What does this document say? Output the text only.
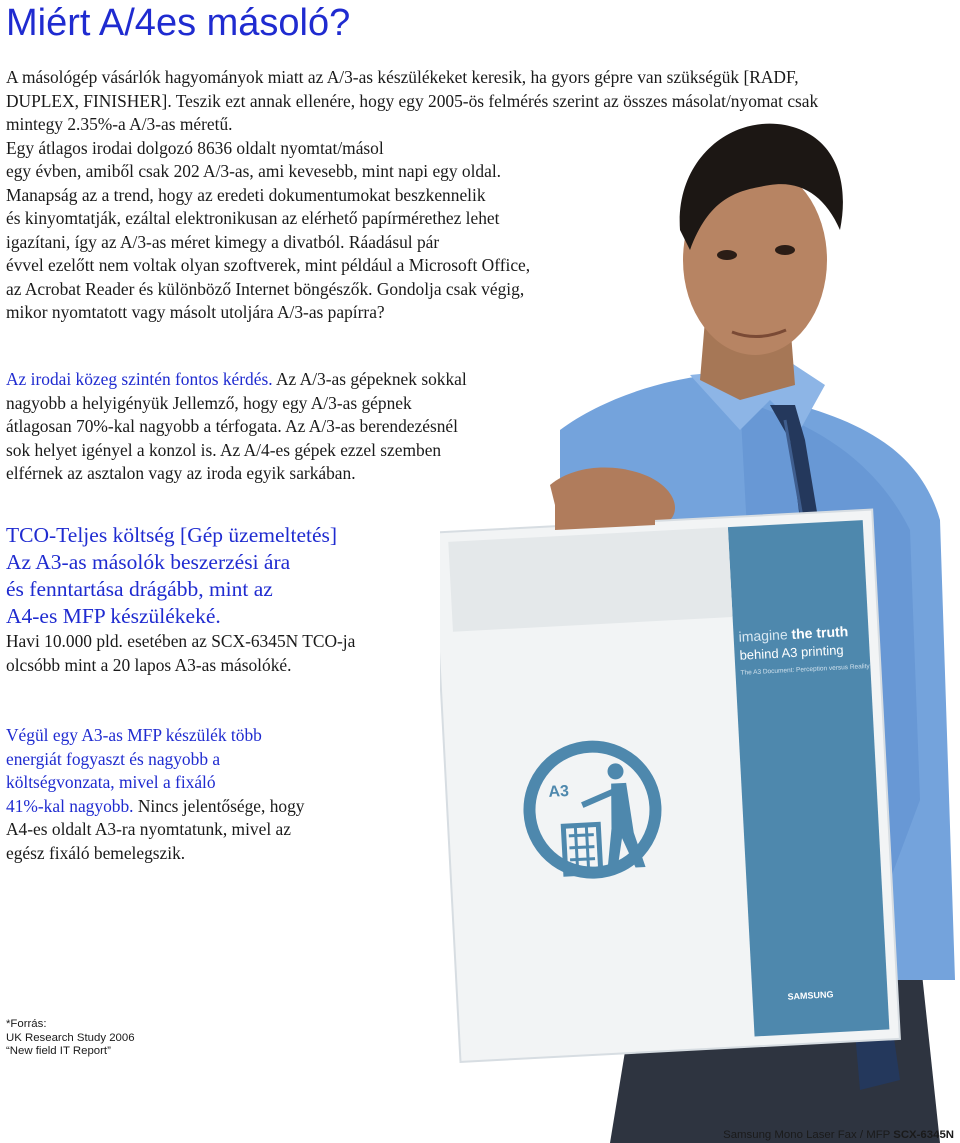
imagine the truth
behind A3 printing
The A3 Document: Perception versus Reality
SAMSUNG
A3
Miért A/4es másoló?
A másológép vásárlók hagyományok miatt az A/3-as készülékeket keresik, ha gyors gépre van szükségük [RADF,
DUPLEX, FINISHER]. Teszik ezt annak ellenére, hogy egy 2005-ös felmérés szerint az összes másolat/nyomat csak
mintegy 2.35%-a A/3-as méretű.
Egy átlagos irodai dolgozó 8636 oldalt nyomtat/másol
egy évben, amiből csak 202 A/3-as, ami kevesebb, mint napi egy oldal.
Manapság az a trend, hogy az eredeti dokumentumokat beszkennelik
és kinyomtatják, ezáltal elektronikusan az elérhető papírmérethez lehet
igazítani, így az A/3-as méret kimegy a divatból. Ráadásul pár
évvel ezelőtt nem voltak olyan szoftverek, mint például a Microsoft Office,
az Acrobat Reader és különböző Internet böngészők. Gondolja csak végig,
mikor nyomtatott vagy másolt utoljára A/3-as papírra?
Az irodai közeg szintén fontos kérdés. Az A/3-as gépeknek sokkal
nagyobb a helyigényük Jellemző, hogy egy A/3-as gépnek
átlagosan 70%-kal nagyobb a térfogata. Az A/3-as berendezésnél
sok helyet igényel a konzol is. Az A/4-es gépek ezzel szemben
elférnek az asztalon vagy az iroda egyik sarkában.
TCO-Teljes költség [Gép üzemeltetés]
Az A3-as másolók beszerzési ára
és fenntartása drágább, mint az
A4-es MFP készülékeké.
Havi 10.000 pld. esetében az SCX-6345N TCO-ja
olcsóbb mint a 20 lapos A3-as másolóké.
Végül egy A3-as MFP készülék több
energiát fogyaszt és nagyobb a
költségvonzata, mivel a fixáló
41%-kal nagyobb. Nincs jelentősége, hogy
A4-es oldalt A3-ra nyomtatunk, mivel az
egész fixáló bemelegszik.
*Forrás:
UK Research Study 2006
“New field IT Report”
Samsung Mono Laser Fax / MFP SCX-6345N
